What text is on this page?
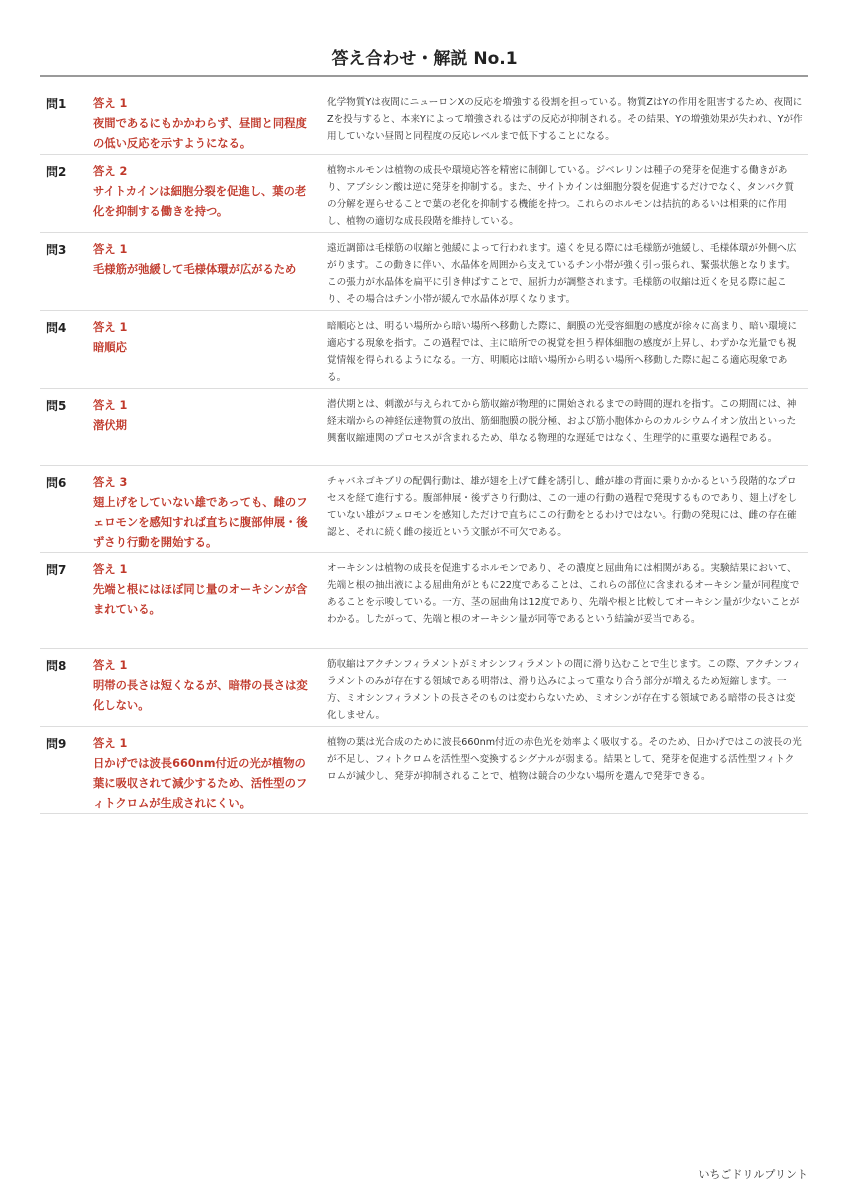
答え合わせ・解説 No.1
問1 答え 1
夜間であるにもかかわらず、昼間と同程度の低い反応を示すようになる。

化学物質Yは夜間にニューロンXの反応を増強する役割を担っている。物質ZはYの作用を阻害するため、夜間にZを投与すると、本来Yによって増強されるはずの反応が抑制される。その結果、Yの増強効果が失われ、Yが作用していない昼間と同程度の反応レベルまで低下することになる。

問2 答え 2
サイトカインは細胞分裂を促進し、葉の老化を抑制する働きを持つ。

植物ホルモンは植物の成長や環境応答を精密に制御している。ジベレリンは種子の発芽を促進する働きがあり、アブシシン酸は逆に発芽を抑制する。また、サイトカインは細胞分裂を促進するだけでなく、タンパク質の分解を遅らせることで葉の老化を抑制する機能を持つ。これらのホルモンは拮抗的あるいは相乗的に作用し、植物の適切な成長段階を維持している。

問3 答え 1
毛様筋が弛緩して毛様体環が広がるため

遠近調節は毛様筋の収縮と弛緩によって行われます。遠くを見る際には毛様筋が弛緩し、毛様体環が外側へ広がります。この動きに伴い、水晶体を周囲から支えているチン小帯が強く引っ張られ、緊張状態となります。この張力が水晶体を扁平に引き伸ばすことで、屈折力が調整されます。毛様筋の収縮は近くを見る際に起こり、その場合はチン小帯が緩んで水晶体が厚くなります。

問4 答え 1
暗順応

暗順応とは、明るい場所から暗い場所へ移動した際に、網膜の光受容細胞の感度が徐々に高まり、暗い環境に適応する現象を指す。この過程では、主に暗所での視覚を担う桿体細胞の感度が上昇し、わずかな光量でも視覚情報を得られるようになる。一方、明順応は暗い場所から明るい場所へ移動した際に起こる適応現象である。

問5 答え 1
潜伏期

潜伏期とは、刺激が与えられてから筋収縮が物理的に開始されるまでの時間的遅れを指す。この期間には、神経末端からの神経伝達物質の放出、筋細胞膜の脱分極、および筋小胞体からのカルシウムイオン放出といった興奮収縮連関のプロセスが含まれるため、単なる物理的な遅延ではなく、生理学的に重要な過程である。

問6 答え 3
翅上げをしていない雄であっても、雌のフェロモンを感知すれば直ちに腹部伸展・後ずさり行動を開始する。

チャバネゴキブリの配偶行動は、雄が翅を上げて雌を誘引し、雌が雄の背面に乗りかかるという段階的なプロセスを経て進行する。腹部伸展・後ずさり行動は、この一連の行動の過程で発現するものであり、翅上げをしていない雄がフェロモンを感知しただけで直ちにこの行動をとるわけではない。行動の発現には、雌の存在確認と、それに続く雌の接近という文脈が不可欠である。

問7 答え 1
先端と根にはほぼ同じ量のオーキシンが含まれている。

オーキシンは植物の成長を促進するホルモンであり、その濃度と屈曲角には相関がある。実験結果において、先端と根の抽出液による屈曲角がともに22度であることは、これらの部位に含まれるオーキシン量が同程度であることを示唆している。一方、茎の屈曲角は12度であり、先端や根と比較してオーキシン量が少ないことがわかる。したがって、先端と根のオーキシン量が同等であるという結論が妥当である。

問8 答え 1
明帯の長さは短くなるが、暗帯の長さは変化しない。

筋収縮はアクチンフィラメントがミオシンフィラメントの間に滑り込むことで生じます。この際、アクチンフィラメントのみが存在する領域である明帯は、滑り込みによって重なり合う部分が増えるため短縮します。一方、ミオシンフィラメントの長さそのものは変わらないため、ミオシンが存在する領域である暗帯の長さは変化しません。

問9 答え 1
日かげでは波長660nm付近の光が植物の葉に吸収されて減少するため、活性型のフィトクロムが生成されにくい。

植物の葉は光合成のために波長660nm付近の赤色光を効率よく吸収する。そのため、日かげではこの波長の光が不足し、フィトクロムを活性型へ変換するシグナルが弱まる。結果として、発芽を促進する活性型フィトクロムが減少し、発芽が抑制されることで、植物は競合の少ない場所を選んで発芽できる。

いちごドリルプリント
